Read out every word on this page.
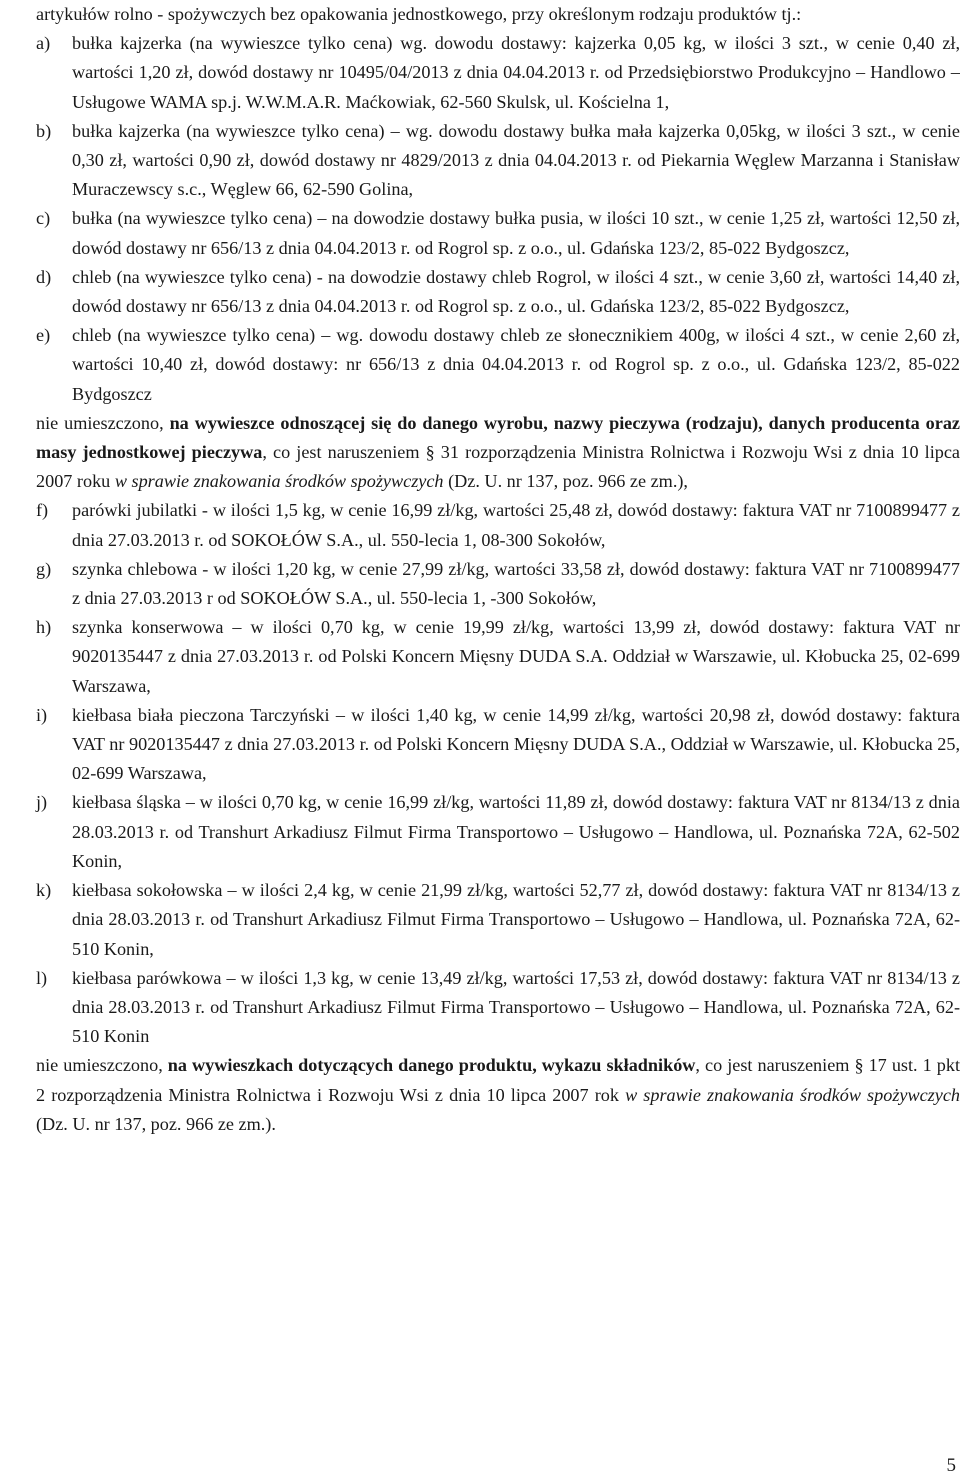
artykułów rolno - spożywczych bez opakowania jednostkowego, przy określonym rodzaju produktów tj.:

a)	bułka kajzerka (na wywieszce tylko cena) wg. dowodu dostawy: kajzerka 0,05 kg, w ilości 3 szt., w cenie 0,40 zł, wartości 1,20 zł, dowód dostawy nr 10495/04/2013 z dnia 04.04.2013 r. od Przedsiębiorstwo Produkcyjno – Handlowo – Usługowe WAMA sp.j. W.W.M.A.R. Maćkowiak, 62-560 Skulsk, ul. Kościelna 1,
b)	bułka kajzerka (na wywieszce tylko cena) – wg. dowodu dostawy bułka mała kajzerka 0,05kg, w ilości 3 szt., w cenie 0,30 zł, wartości 0,90 zł, dowód dostawy nr 4829/2013 z dnia 04.04.2013 r. od Piekarnia Węglew Marzanna i Stanisław Muraczewscy s.c., Węglew 66, 62-590 Golina,
c)	bułka (na wywieszce tylko cena) – na dowodzie dostawy bułka pusia, w ilości 10 szt., w cenie 1,25 zł, wartości 12,50 zł, dowód dostawy nr 656/13 z dnia 04.04.2013 r. od Rogrol sp. z o.o., ul. Gdańska 123/2, 85-022 Bydgoszcz,
d)	chleb (na wywieszce tylko cena) - na dowodzie dostawy chleb Rogrol, w ilości 4 szt., w cenie 3,60 zł, wartości 14,40 zł, dowód dostawy nr 656/13 z dnia 04.04.2013 r. od Rogrol sp. z o.o., ul. Gdańska 123/2, 85-022 Bydgoszcz,
e)	chleb (na wywieszce tylko cena) – wg. dowodu dostawy chleb ze słonecznikiem 400g, w ilości 4 szt., w cenie 2,60 zł, wartości 10,40 zł, dowód dostawy: nr 656/13 z dnia 04.04.2013 r. od Rogrol sp. z o.o., ul. Gdańska 123/2, 85-022 Bydgoszcz

nie umieszczono, na wywieszce odnoszącej się do danego wyrobu, nazwy pieczywa (rodzaju), danych producenta oraz masy jednostkowej pieczywa, co jest naruszeniem § 31 rozporządzenia Ministra Rolnictwa i Rozwoju Wsi z dnia 10 lipca 2007 roku w sprawie znakowania środków spożywczych (Dz. U. nr 137, poz. 966 ze zm.),

f)	parówki jubilatki - w ilości 1,5 kg, w cenie 16,99 zł/kg, wartości 25,48 zł, dowód dostawy: faktura VAT nr 7100899477 z dnia 27.03.2013 r. od SOKOŁÓW S.A., ul. 550-lecia 1, 08-300 Sokołów,
g)	szynka chlebowa - w ilości 1,20 kg, w cenie 27,99 zł/kg, wartości 33,58 zł, dowód dostawy: faktura VAT nr 7100899477 z dnia 27.03.2013 r od SOKOŁÓW S.A., ul. 550-lecia 1, -300 Sokołów,
h)	szynka konserwowa – w ilości 0,70 kg, w cenie 19,99 zł/kg, wartości 13,99 zł, dowód dostawy: faktura VAT nr 9020135447 z dnia 27.03.2013 r. od Polski Koncern Mięsny DUDA S.A. Oddział w Warszawie, ul. Kłobucka 25, 02-699 Warszawa,
i)	kiełbasa biała pieczona Tarczyński – w ilości 1,40 kg, w cenie 14,99 zł/kg, wartości 20,98 zł, dowód dostawy: faktura VAT nr 9020135447 z dnia 27.03.2013 r. od Polski Koncern Mięsny DUDA S.A., Oddział w Warszawie, ul. Kłobucka 25, 02-699 Warszawa,
j)	kiełbasa śląska – w ilości 0,70 kg, w cenie 16,99 zł/kg, wartości 11,89 zł, dowód dostawy: faktura VAT nr 8134/13 z dnia 28.03.2013 r. od Transhurt Arkadiusz Filmut Firma Transportowo – Usługowo – Handlowa, ul. Poznańska 72A, 62-502 Konin,
k)	kiełbasa sokołowska – w ilości 2,4 kg, w cenie 21,99 zł/kg, wartości 52,77 zł, dowód dostawy: faktura VAT nr 8134/13 z dnia 28.03.2013 r. od Transhurt Arkadiusz Filmut Firma Transportowo – Usługowo – Handlowa, ul. Poznańska 72A, 62-510 Konin,
l)	kiełbasa parówkowa – w ilości 1,3 kg, w cenie 13,49 zł/kg, wartości 17,53 zł, dowód dostawy: faktura VAT nr 8134/13 z dnia 28.03.2013 r. od Transhurt Arkadiusz Filmut Firma Transportowo – Usługowo – Handlowa, ul. Poznańska 72A, 62-510 Konin

nie umieszczono, na wywieszkach dotyczących danego produktu, wykazu składników, co jest naruszeniem § 17 ust. 1 pkt 2 rozporządzenia Ministra Rolnictwa i Rozwoju Wsi z dnia 10 lipca 2007 rok w sprawie znakowania środków spożywczych (Dz. U. nr 137, poz. 966 ze zm.).

5
